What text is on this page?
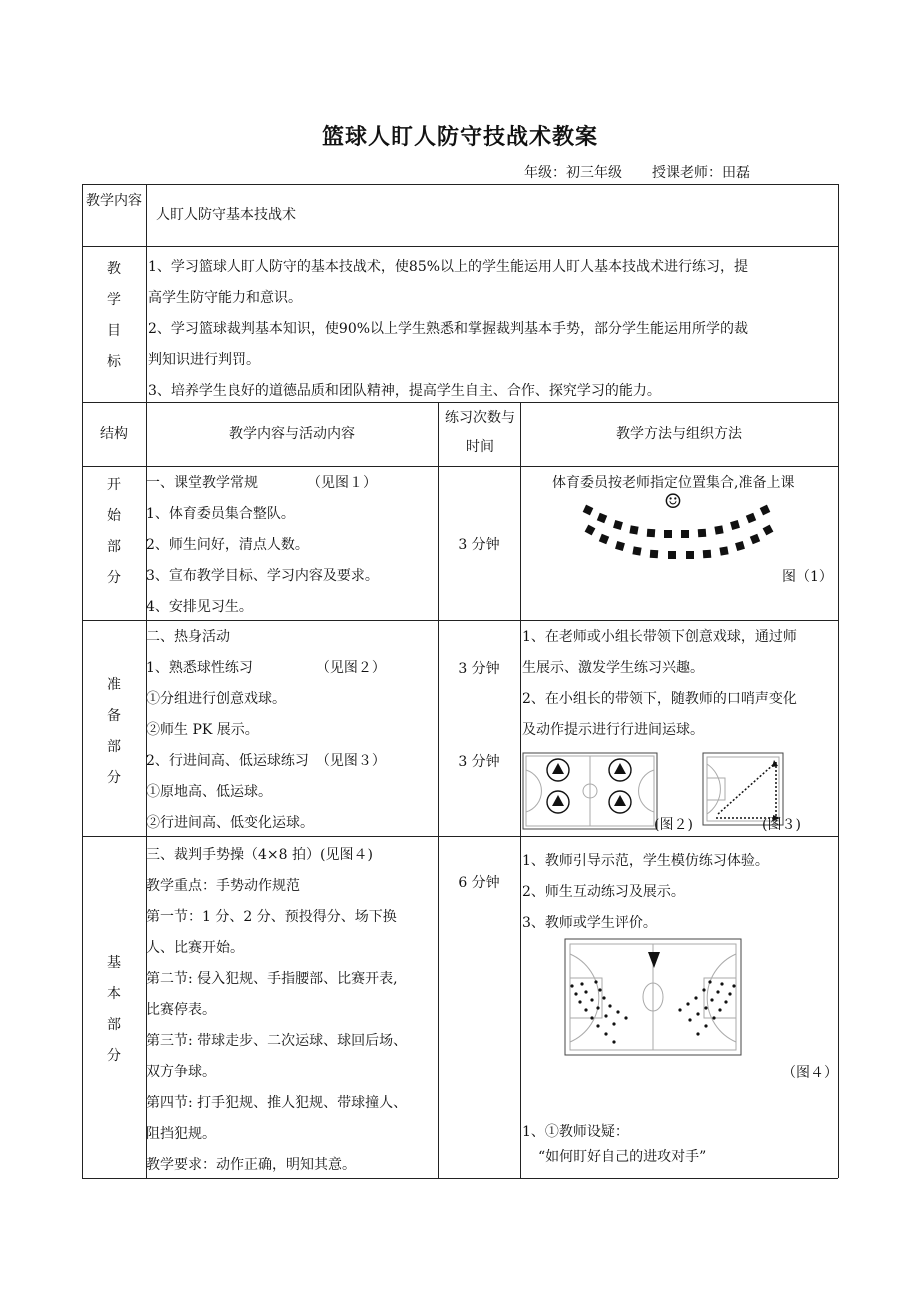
篮球人盯人防守技战术教案
年级：初三年级 授课老师：田磊
教学内容
人盯人防守基本技战术
教学目标
1、学习篮球人盯人防守的基本技战术，使85%以上的学生能运用人盯人基本技战术进行练习，提
高学生防守能力和意识。
2、学习篮球裁判基本知识，使90%以上学生熟悉和掌握裁判基本手势，部分学生能运用所学的裁
判知识进行判罚。
3、培养学生良好的道德品质和团队精神，提高学生自主、合作、探究学习的能力。
结构	教学内容与活动内容
练习次数与时间
教学方法与组织方法
开始部分
一、课堂教学常规　　　　（见图１）
1、体育委员集合整队。
2、师生问好，清点人数。
3、宣布教学目标、学习内容及要求。
4、安排见习生。
3 分钟
体育委员按老师指定位置集合,准备上课
☺
图（1）
准备部分
二、热身活动
1、熟悉球性练习　　　　　（见图２）
①分组进行创意戏球。
②师生 PK 展示。
2、行进间高、低运球练习　（见图３）
①原地高、低运球。
②行进间高、低变化运球。
3 分钟
3 分钟
1、在老师或小组长带领下创意戏球，通过师
生展示、激发学生练习兴趣。
2、在小组长的带领下，随教师的口哨声变化
及动作提示进行行进间运球。
(图２)	(图３)
基本部分
三、裁判手势操（4×8 拍）(见图４)
教学重点：手势动作规范
第一节：1 分、2 分、预投得分、场下换
人、比赛开始。
第二节: 侵入犯规、手指腰部、比赛开表,
比赛停表。
第三节: 带球走步、二次运球、球回后场、
双方争球。
第四节: 打手犯规、推人犯规、带球撞人、
阻挡犯规。
教学要求：动作正确，明知其意。
6 分钟
1、教师引导示范，学生模仿练习体验。
2、师生互动练习及展示。
3、教师或学生评价。
（图４）
1、①教师设疑：
“如何盯好自己的进攻对手”
